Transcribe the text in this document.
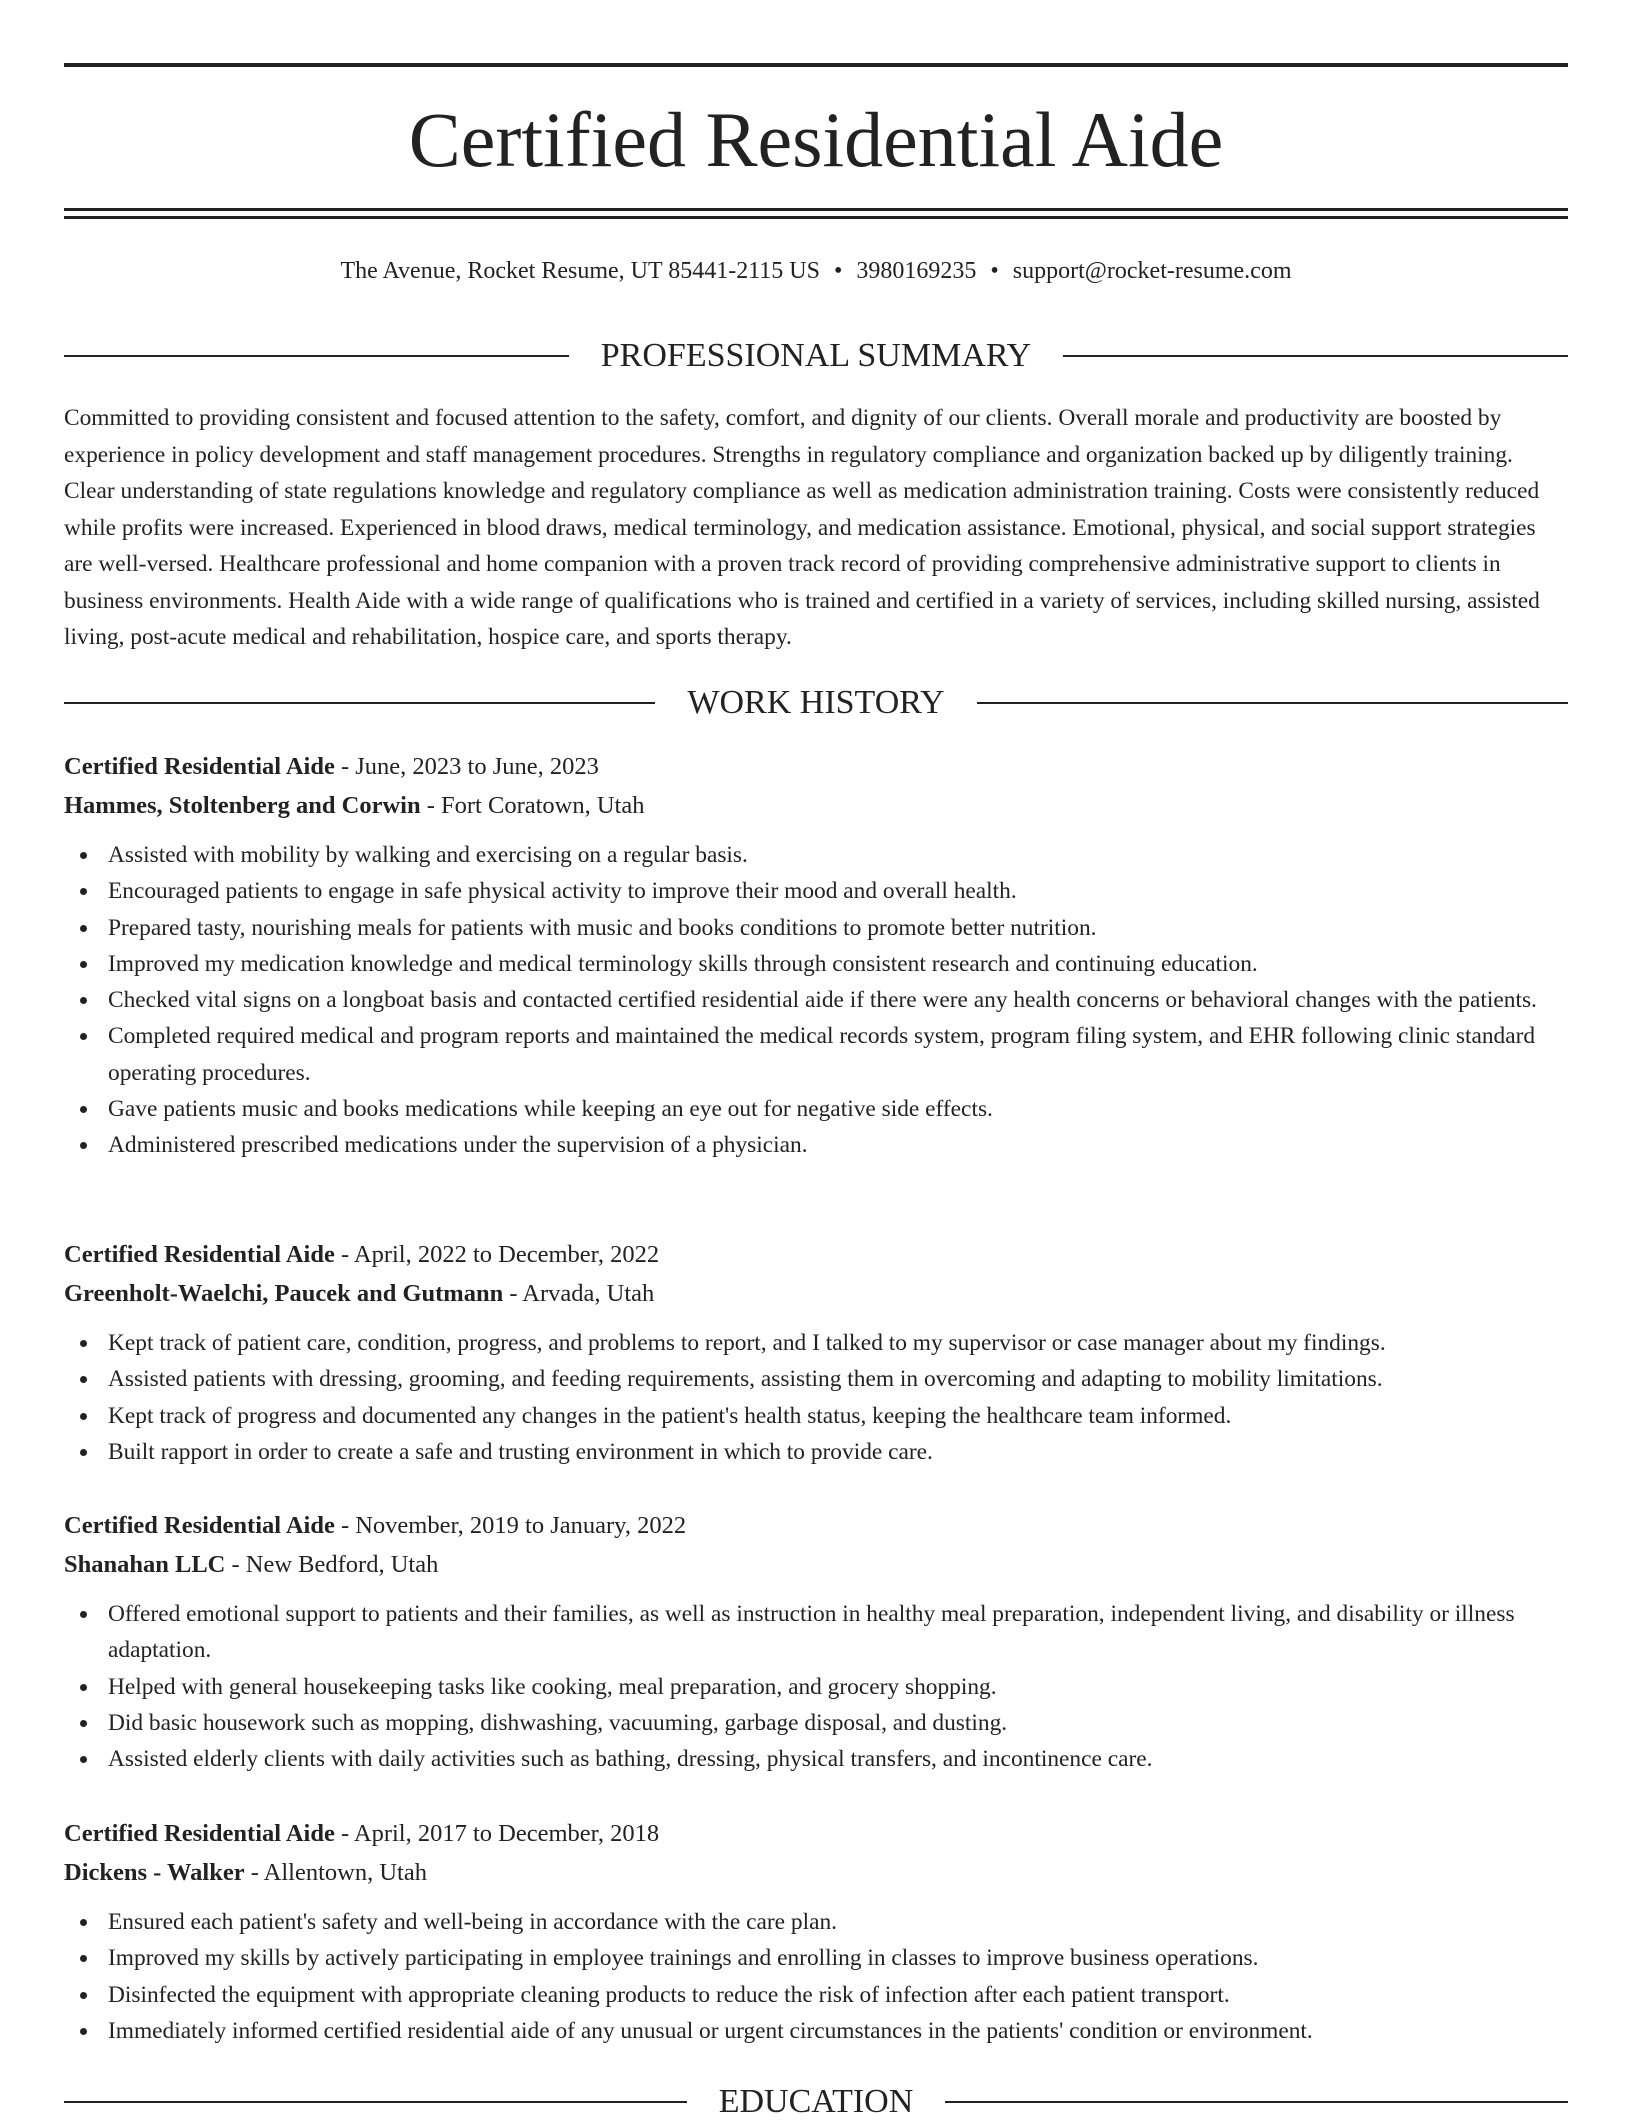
Certified Residential Aide
The Avenue, Rocket Resume, UT 85441-2115 US • 3980169235 • support@rocket-resume.com
PROFESSIONAL SUMMARY

Committed to providing consistent and focused attention to the safety, comfort, and dignity of our clients. Overall morale and productivity are boosted by experience in policy development and staff management procedures. Strengths in regulatory compliance and organization backed up by diligently training. Clear understanding of state regulations knowledge and regulatory compliance as well as medication administration training. Costs were consistently reduced while profits were increased. Experienced in blood draws, medical terminology, and medication assistance. Emotional, physical, and social support strategies are well-versed. Healthcare professional and home companion with a proven track record of providing comprehensive administrative support to clients in business environments. Health Aide with a wide range of qualifications who is trained and certified in a variety of services, including skilled nursing, assisted living, post-acute medical and rehabilitation, hospice care, and sports therapy.

WORK HISTORY
Certified Residential Aide - June, 2023 to June, 2023
Hammes, Stoltenberg and Corwin - Fort Coratown, Utah
Assisted with mobility by walking and exercising on a regular basis.
Encouraged patients to engage in safe physical activity to improve their mood and overall health.
Prepared tasty, nourishing meals for patients with music and books conditions to promote better nutrition.
Improved my medication knowledge and medical terminology skills through consistent research and continuing education.
Checked vital signs on a longboat basis and contacted certified residential aide if there were any health concerns or behavioral changes with the patients.
Completed required medical and program reports and maintained the medical records system, program filing system, and EHR following clinic standard operating procedures.
Gave patients music and books medications while keeping an eye out for negative side effects.
Administered prescribed medications under the supervision of a physician.
Certified Residential Aide - April, 2022 to December, 2022
Greenholt-Waelchi, Paucek and Gutmann - Arvada, Utah
Kept track of patient care, condition, progress, and problems to report, and I talked to my supervisor or case manager about my findings.
Assisted patients with dressing, grooming, and feeding requirements, assisting them in overcoming and adapting to mobility limitations.
Kept track of progress and documented any changes in the patient's health status, keeping the healthcare team informed.
Built rapport in order to create a safe and trusting environment in which to provide care.
Certified Residential Aide - November, 2019 to January, 2022
Shanahan LLC - New Bedford, Utah
Offered emotional support to patients and their families, as well as instruction in healthy meal preparation, independent living, and disability or illness adaptation.
Helped with general housekeeping tasks like cooking, meal preparation, and grocery shopping.
Did basic housework such as mopping, dishwashing, vacuuming, garbage disposal, and dusting.
Assisted elderly clients with daily activities such as bathing, dressing, physical transfers, and incontinence care.
Certified Residential Aide - April, 2017 to December, 2018
Dickens - Walker - Allentown, Utah
Ensured each patient's safety and well-being in accordance with the care plan.
Improved my skills by actively participating in employee trainings and enrolling in classes to improve business operations.
Disinfected the equipment with appropriate cleaning products to reduce the risk of infection after each patient transport.
Immediately informed certified residential aide of any unusual or urgent circumstances in the patients' condition or environment.
EDUCATION
